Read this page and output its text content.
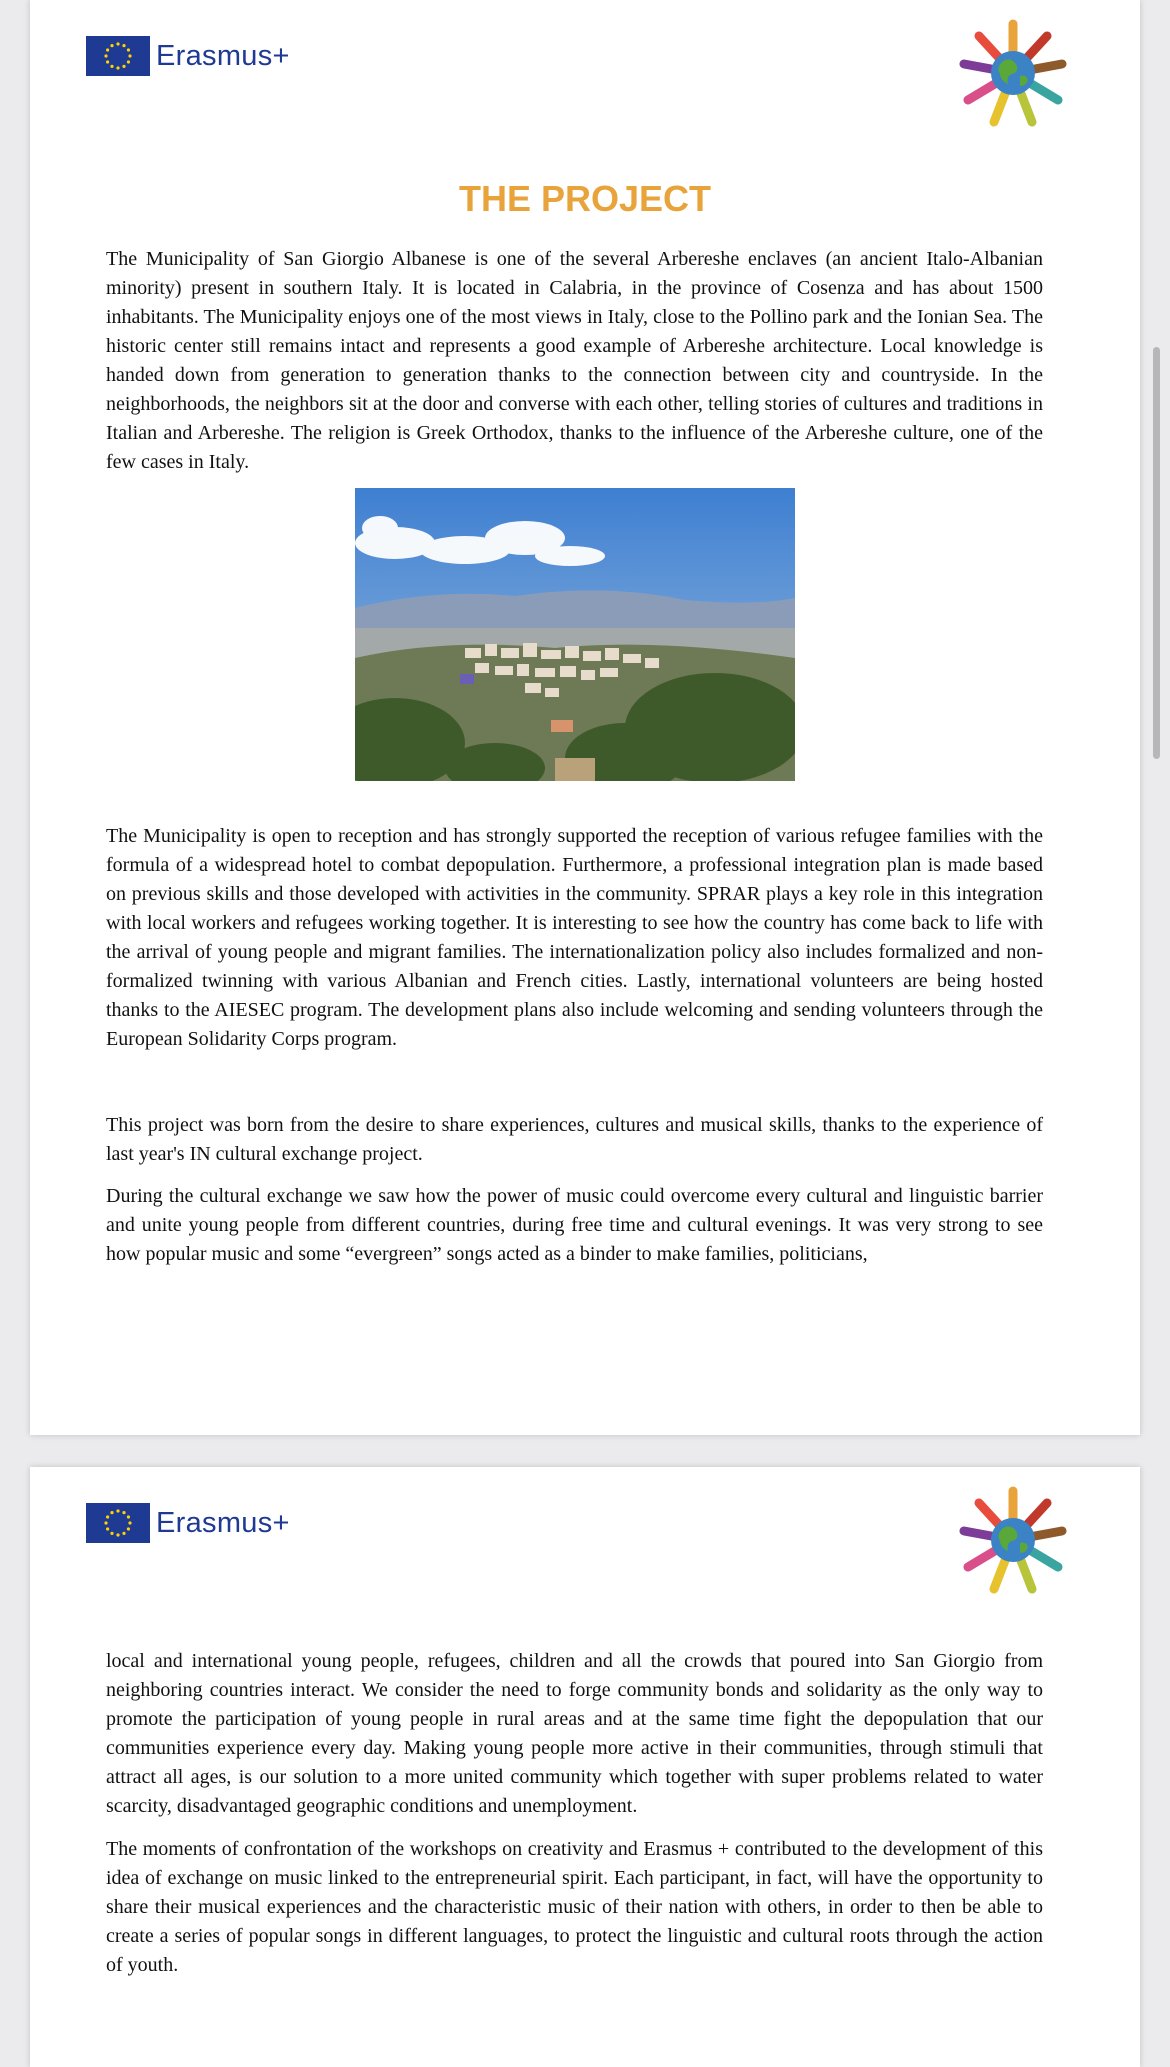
Erasmus+
THE PROJECT

The Municipality of San Giorgio Albanese is one of the several Arbereshe enclaves (an ancient Italo-Albanian minority) present in southern Italy. It is located in Calabria, in the province of Cosenza and has about 1500 inhabitants. The Municipality enjoys one of the most views in Italy, close to the Pollino park and the Ionian Sea. The historic center still remains intact and represents a good example of Arbereshe architecture. Local knowledge is handed down from generation to generation thanks to the connection between city and countryside. In the neighborhoods, the neighbors sit at the door and converse with each other, telling stories of cultures and traditions in Italian and Arbereshe. The religion is Greek Orthodox, thanks to the influence of the Arbereshe culture, one of the few cases in Italy.

The Municipality is open to reception and has strongly supported the reception of various refugee families with the formula of a widespread hotel to combat depopulation. Furthermore, a professional integration plan is made based on previous skills and those developed with activities in the community. SPRAR plays a key role in this integration with local workers and refugees working together. It is interesting to see how the country has come back to life with the arrival of young people and migrant families. The internationalization policy also includes formalized and non-formalized twinning with various Albanian and French cities. Lastly, international volunteers are being hosted thanks to the AIESEC program. The development plans also include welcoming and sending volunteers through the European Solidarity Corps program.

This project was born from the desire to share experiences, cultures and musical skills, thanks to the experience of last year's IN cultural exchange project.

During the cultural exchange we saw how the power of music could overcome every cultural and linguistic barrier and unite young people from different countries, during free time and cultural evenings. It was very strong to see how popular music and some “evergreen” songs acted as a binder to make families, politicians,

Erasmus+

local and international young people, refugees, children and all the crowds that poured into San Giorgio from neighboring countries interact. We consider the need to forge community bonds and solidarity as the only way to promote the participation of young people in rural areas and at the same time fight the depopulation that our communities experience every day. Making young people more active in their communities, through stimuli that attract all ages, is our solution to a more united community which together with super problems related to water scarcity, disadvantaged geographic conditions and unemployment.

The moments of confrontation of the workshops on creativity and Erasmus + contributed to the development of this idea of exchange on music linked to the entrepreneurial spirit. Each participant, in fact, will have the opportunity to share their musical experiences and the characteristic music of their nation with others, in order to then be able to create a series of popular songs in different languages, to protect the linguistic and cultural roots through the action of youth.
